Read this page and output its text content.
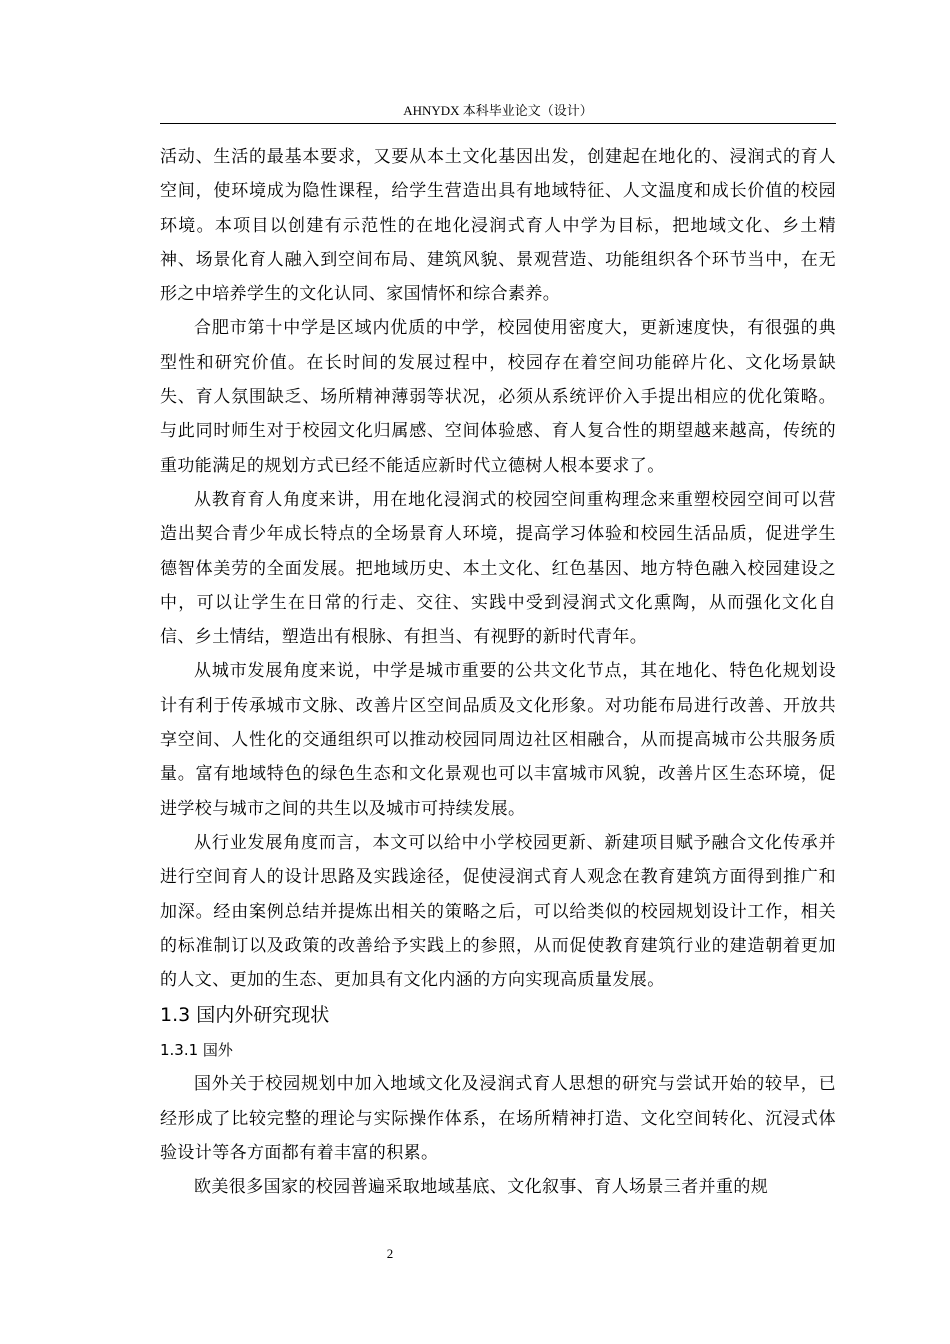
AHNYDX 本科毕业论文（设计）

活动、生活的最基本要求，又要从本土文化基因出发，创建起在地化的、浸润式的育人空间，使环境成为隐性课程，给学生营造出具有地域特征、人文温度和成长价值的校园环境。本项目以创建有示范性的在地化浸润式育人中学为目标，把地域文化、乡土精神、场景化育人融入到空间布局、建筑风貌、景观营造、功能组织各个环节当中，在无形之中培养学生的文化认同、家国情怀和综合素养。

合肥市第十中学是区域内优质的中学，校园使用密度大，更新速度快，有很强的典型性和研究价值。在长时间的发展过程中，校园存在着空间功能碎片化、文化场景缺失、育人氛围缺乏、场所精神薄弱等状况，必须从系统评价入手提出相应的优化策略。与此同时师生对于校园文化归属感、空间体验感、育人复合性的期望越来越高，传统的重功能满足的规划方式已经不能适应新时代立德树人根本要求了。

从教育育人角度来讲，用在地化浸润式的校园空间重构理念来重塑校园空间可以营造出契合青少年成长特点的全场景育人环境，提高学习体验和校园生活品质，促进学生德智体美劳的全面发展。把地域历史、本土文化、红色基因、地方特色融入校园建设之中，可以让学生在日常的行走、交往、实践中受到浸润式文化熏陶，从而强化文化自信、乡土情结，塑造出有根脉、有担当、有视野的新时代青年。

从城市发展角度来说，中学是城市重要的公共文化节点，其在地化、特色化规划设计有利于传承城市文脉、改善片区空间品质及文化形象。对功能布局进行改善、开放共享空间、人性化的交通组织可以推动校园同周边社区相融合，从而提高城市公共服务质量。富有地域特色的绿色生态和文化景观也可以丰富城市风貌，改善片区生态环境，促进学校与城市之间的共生以及城市可持续发展。

从行业发展角度而言，本文可以给中小学校园更新、新建项目赋予融合文化传承并进行空间育人的设计思路及实践途径，促使浸润式育人观念在教育建筑方面得到推广和加深。经由案例总结并提炼出相关的策略之后，可以给类似的校园规划设计工作，相关的标准制订以及政策的改善给予实践上的参照，从而促使教育建筑行业的建造朝着更加的人文、更加的生态、更加具有文化内涵的方向实现高质量发展。

1.3 国内外研究现状
1.3.1 国外

国外关于校园规划中加入地域文化及浸润式育人思想的研究与尝试开始的较早，已经形成了比较完整的理论与实际操作体系，在场所精神打造、文化空间转化、沉浸式体验设计等各方面都有着丰富的积累。

欧美很多国家的校园普遍采取地域基底、文化叙事、育人场景三者并重的规

2
